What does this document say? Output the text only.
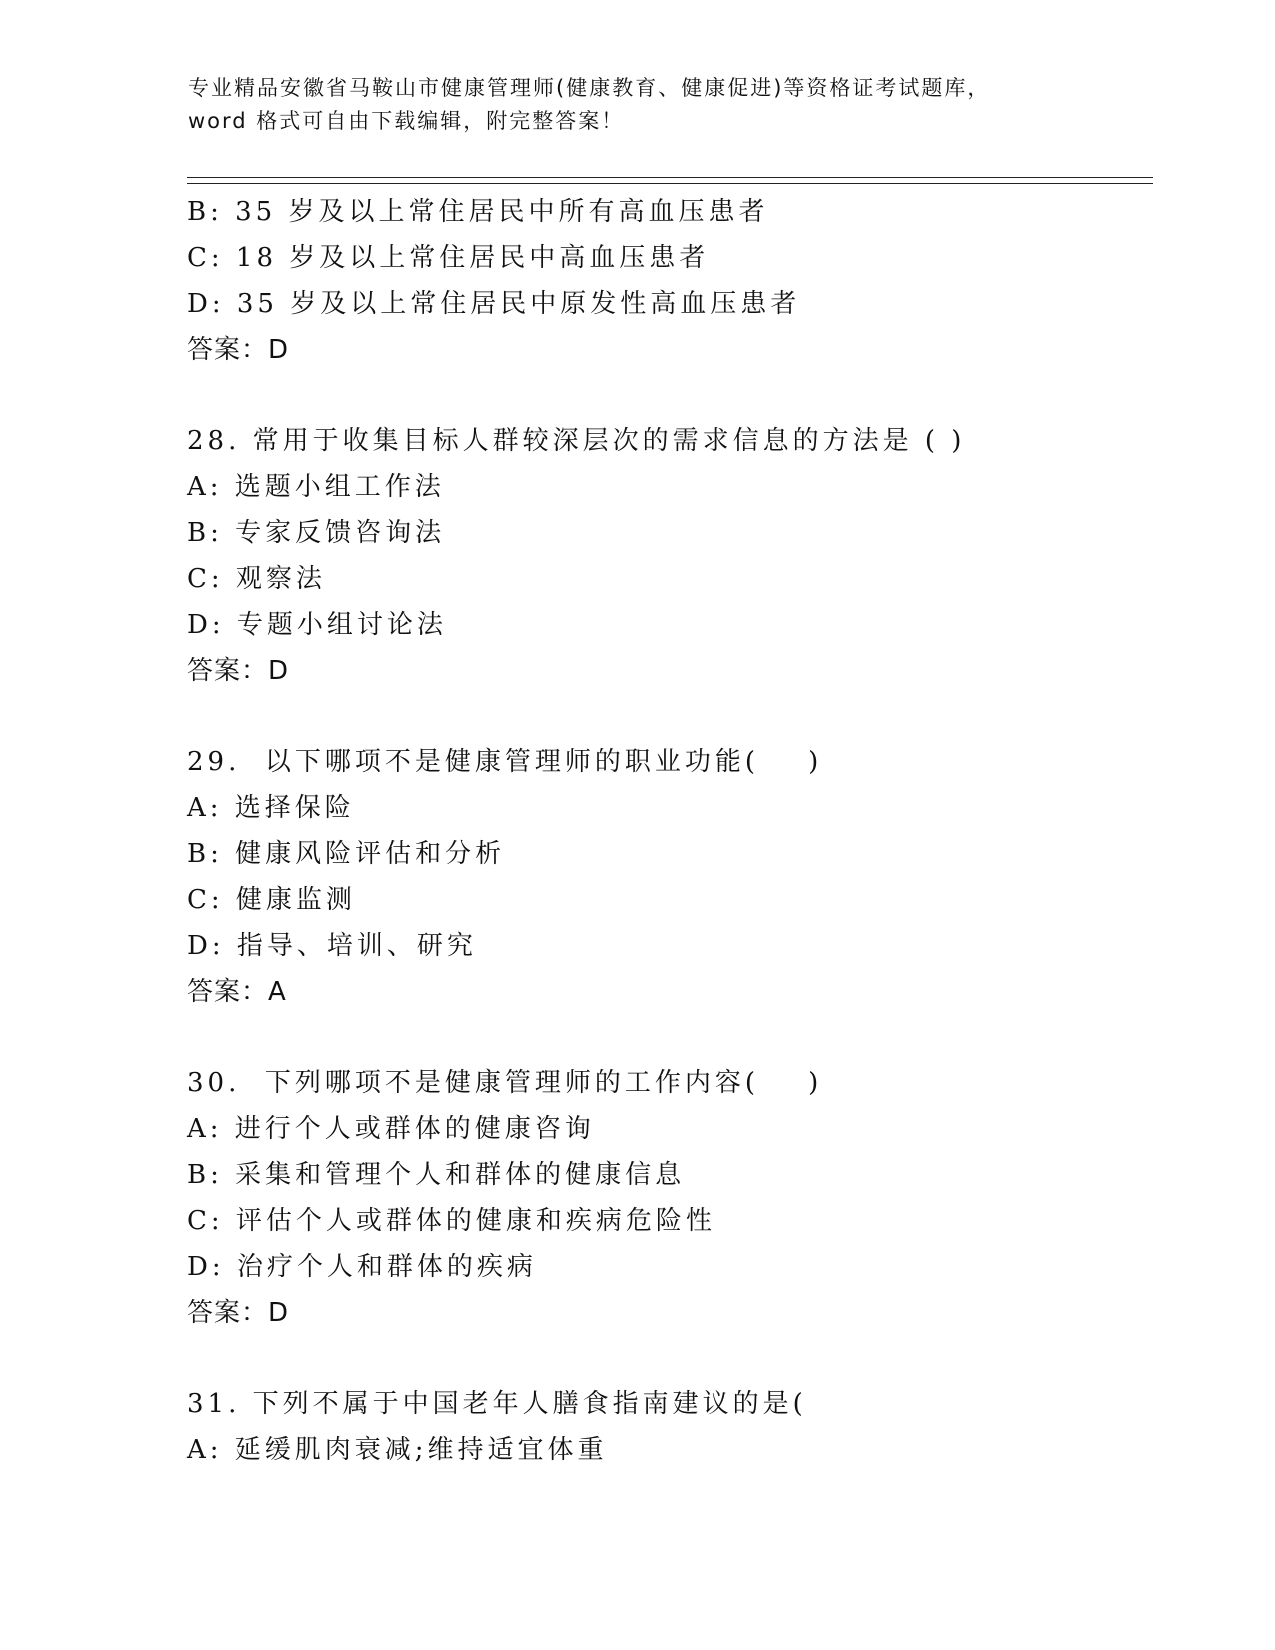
专业精品安徽省马鞍山市健康管理师(健康教育、健康促进)等资格证考试题库，
word 格式可自由下载编辑，附完整答案！
B: 35 岁及以上常住居民中所有高血压患者
C: 18 岁及以上常住居民中高血压患者
D: 35 岁及以上常住居民中原发性高血压患者
答案：D
28. 常用于收集目标人群较深层次的需求信息的方法是 ( )
A: 选题小组工作法
B: 专家反馈咨询法
C: 观察法
D: 专题小组讨论法
答案：D
29.  以下哪项不是健康管理师的职业功能(    )
A: 选择保险
B: 健康风险评估和分析
C: 健康监测
D: 指导、培训、研究
答案：A
30.  下列哪项不是健康管理师的工作内容(    )
A: 进行个人或群体的健康咨询
B: 采集和管理个人和群体的健康信息
C: 评估个人或群体的健康和疾病危险性
D: 治疗个人和群体的疾病
答案：D
31. 下列不属于中国老年人膳食指南建议的是(
A: 延缓肌肉衰减;维持适宜体重
